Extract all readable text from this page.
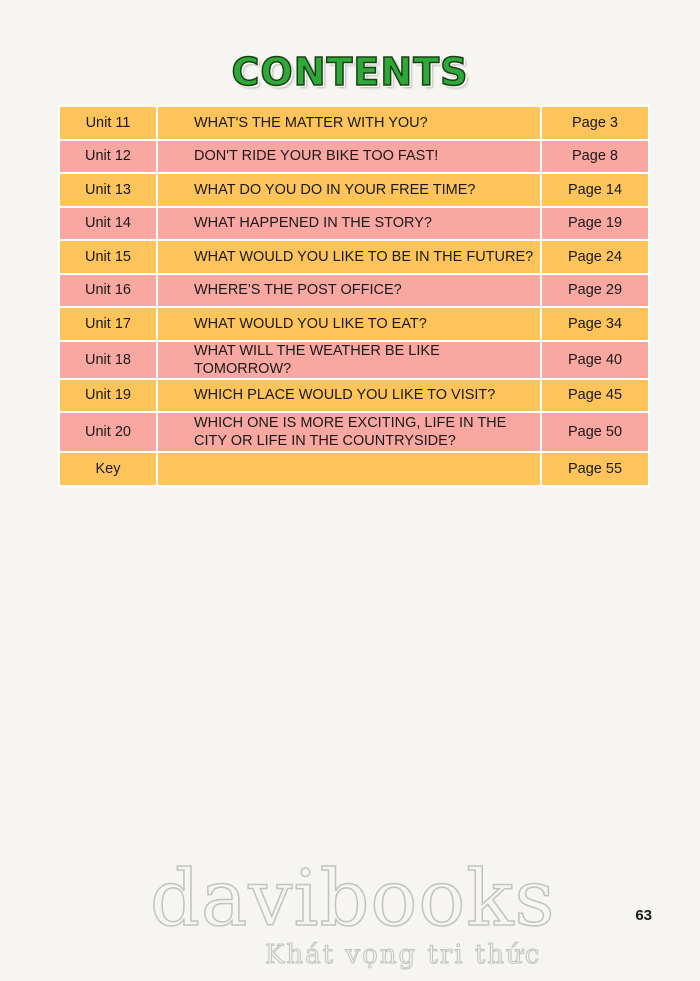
CONTENTS
Unit 11	WHAT'S THE MATTER WITH YOU?	Page 3
Unit 12	DON'T RIDE YOUR BIKE TOO FAST!	Page 8
Unit 13	WHAT DO YOU DO IN YOUR FREE TIME?	Page 14
Unit 14	WHAT HAPPENED IN THE STORY?	Page 19
Unit 15	WHAT WOULD YOU LIKE TO BE IN THE FUTURE?	Page 24
Unit 16	WHERE'S THE POST OFFICE?	Page 29
Unit 17	WHAT WOULD YOU LIKE TO EAT?	Page 34
Unit 18	WHAT WILL THE WEATHER BE LIKE TOMORROW?	Page 40
Unit 19	WHICH PLACE WOULD YOU LIKE TO VISIT?	Page 45
Unit 20	WHICH ONE IS MORE EXCITING, LIFE IN THE CITY OR LIFE IN THE COUNTRYSIDE?	Page 50
Key		Page 55
63
davibooks
Khát vọng tri thức
